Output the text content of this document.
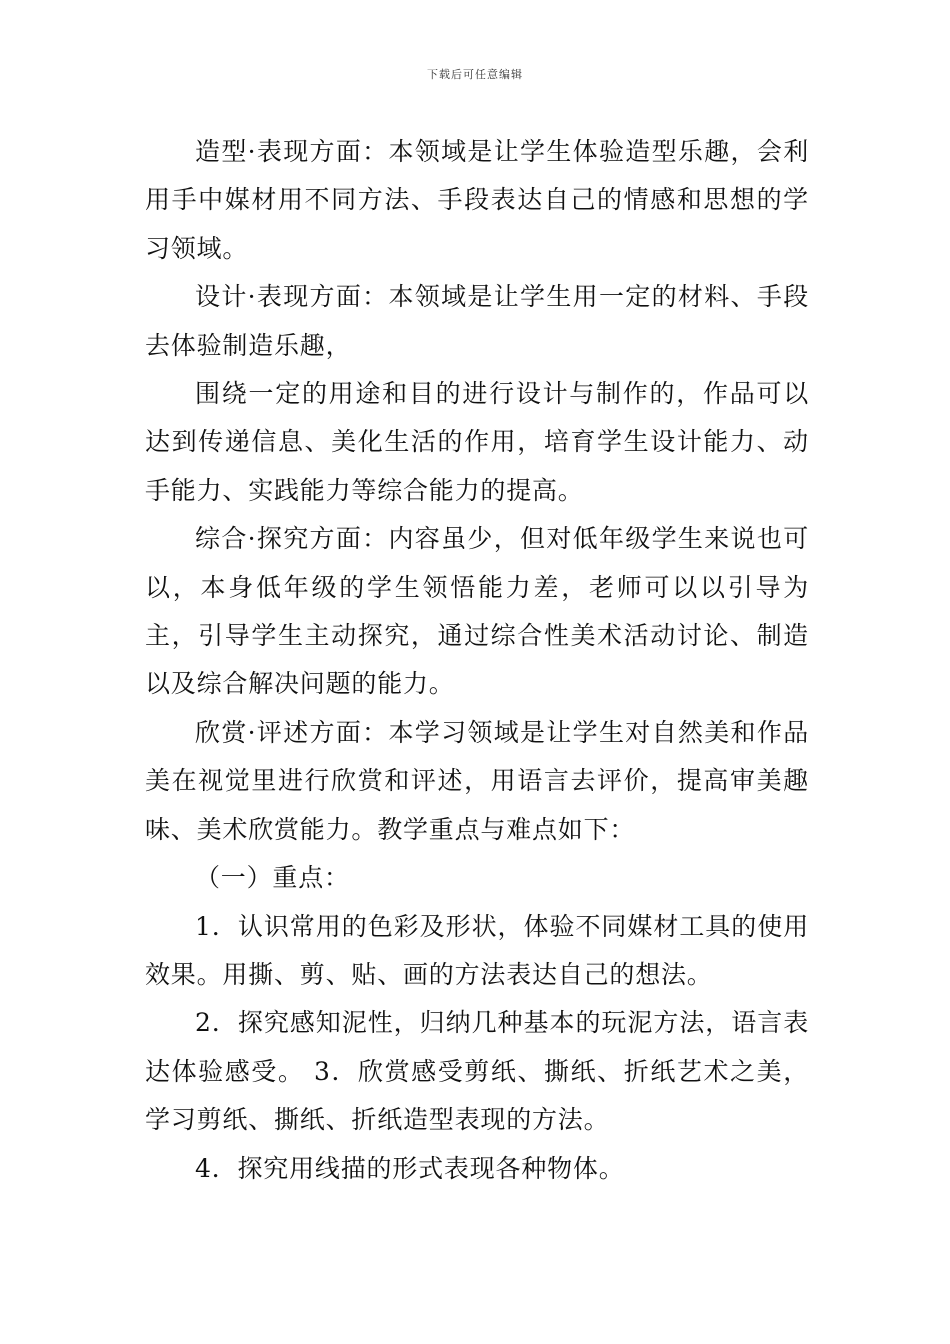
下载后可任意编辑

造型·表现方面：本领域是让学生体验造型乐趣，会利用手中媒材用不同方法、手段表达自己的情感和思想的学习领域。

设计·表现方面：本领域是让学生用一定的材料、手段去体验制造乐趣，

围绕一定的用途和目的进行设计与制作的，作品可以达到传递信息、美化生活的作用，培育学生设计能力、动手能力、实践能力等综合能力的提高。

综合·探究方面：内容虽少，但对低年级学生来说也可以，本身低年级的学生领悟能力差，老师可以以引导为主，引导学生主动探究，通过综合性美术活动讨论、制造以及综合解决问题的能力。

欣赏·评述方面：本学习领域是让学生对自然美和作品美在视觉里进行欣赏和评述，用语言去评价，提高审美趣味、美术欣赏能力。教学重点与难点如下：

（一）重点：

1．认识常用的色彩及形状，体验不同媒材工具的使用效果。用撕、剪、贴、画的方法表达自己的想法。

2．探究感知泥性，归纳几种基本的玩泥方法，语言表达体验感受。 3．欣赏感受剪纸、撕纸、折纸艺术之美，学习剪纸、撕纸、折纸造型表现的方法。

4．探究用线描的形式表现各种物体。
